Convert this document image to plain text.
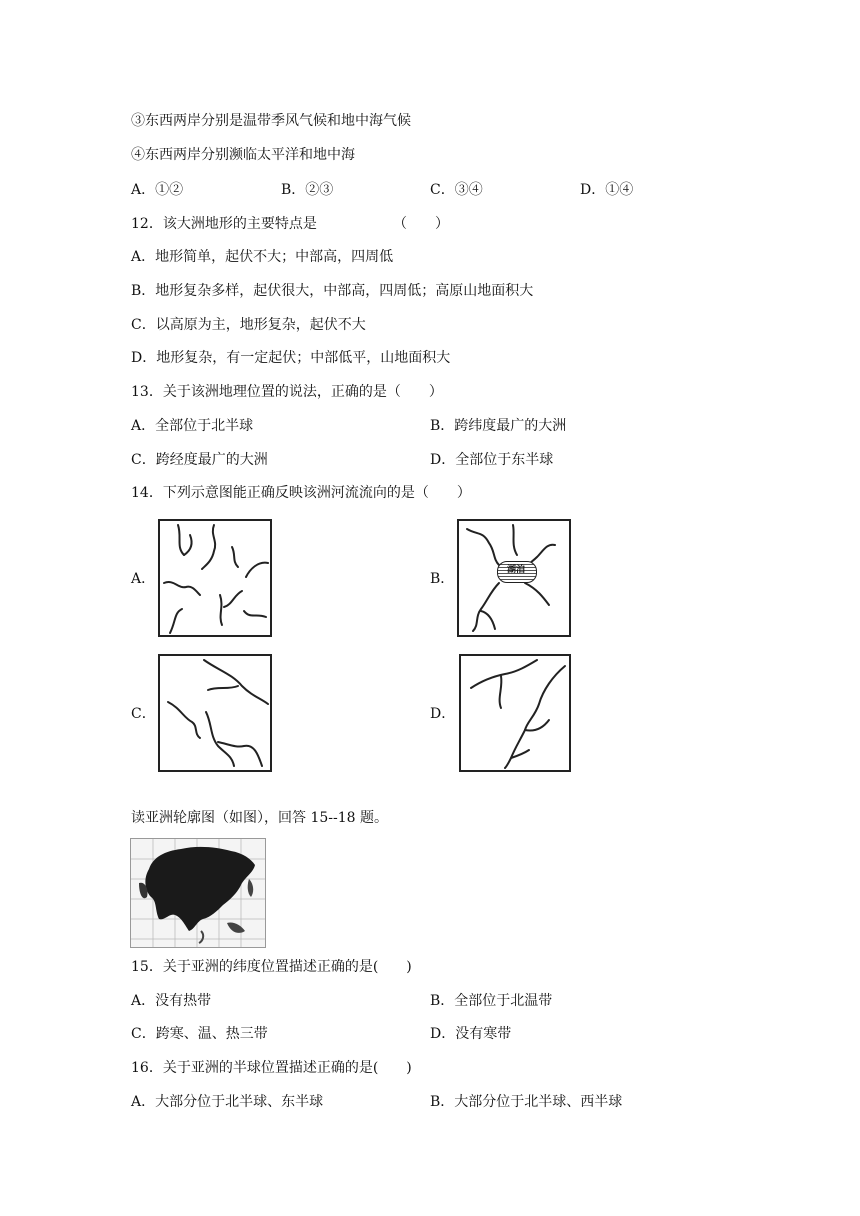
③东西两岸分别是温带季风气候和地中海气候
④东西两岸分别濒临太平洋和地中海
A．①②	B．②③	C．③④	D．①④
12．该大洲地形的主要特点是	（　　）
A．地形简单，起伏不大；中部高，四周低
B．地形复杂多样，起伏很大，中部高，四周低；高原山地面积大
C．以高原为主，地形复杂，起伏不大
D．地形复杂，有一定起伏；中部低平，山地面积大
13．关于该洲地理位置的说法，正确的是（　　）
A．全部位于北半球	B．跨纬度最广的大洲
C．跨经度最广的大洲	D．全部位于东半球
14．下列示意图能正确反映该洲河流流向的是（　　）
A．	B．
湖泊
C．	D．
读亚洲轮廓图（如图），回答 15--18 题。
15．关于亚洲的纬度位置描述正确的是(　　)
A．没有热带	B．全部位于北温带
C．跨寒、温、热三带	D．没有寒带
16．关于亚洲的半球位置描述正确的是(　　)
A．大部分位于北半球、东半球	B．大部分位于北半球、西半球
